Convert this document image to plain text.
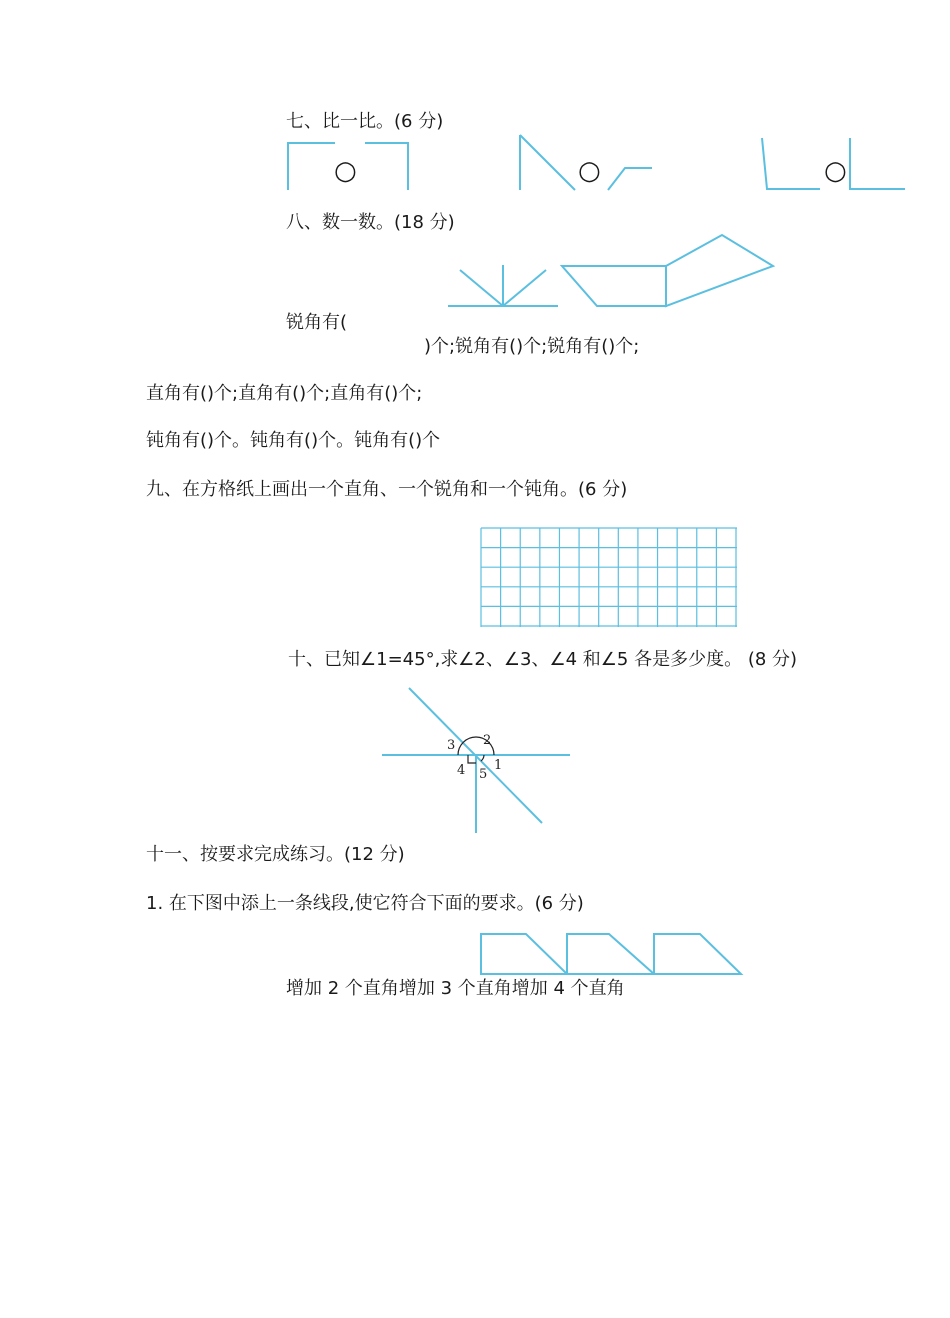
七、比一比。(6 分)
○	○	○
八、数一数。(18 分)
锐角有(
)个;锐角有()个;锐角有()个;
直角有()个;直角有()个;直角有()个;
钝角有()个。钝角有()个。钝角有()个
九、在方格纸上画出一个直角、一个锐角和一个钝角。(6 分)
十、已知∠1=45°,求∠2、∠3、∠4 和∠5 各是多少度。 (8 分)
1
2
3
4 5
十一、按要求完成练习。(12 分)
1. 在下图中添上一条线段,使它符合下面的要求。(6 分)
增加 2 个直角增加 3 个直角增加 4 个直角
